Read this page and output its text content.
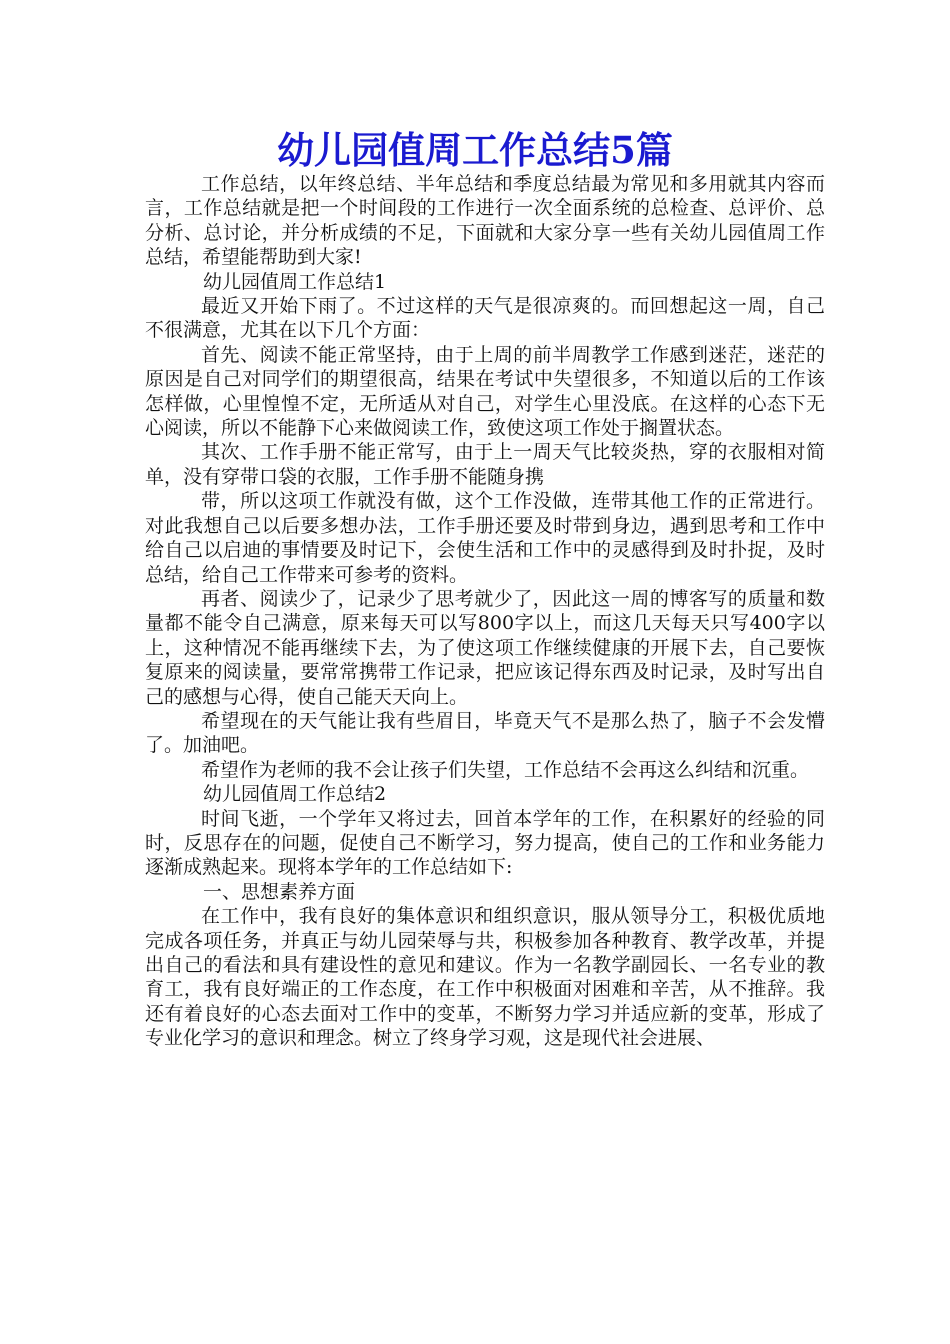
幼儿园值周工作总结5篇

工作总结，以年终总结、半年总结和季度总结最为常见和多用就其内容而言，工作总结就是把一个时间段的工作进行一次全面系统的总检查、总评价、总分析、总讨论，并分析成绩的不足，下面就和大家分享一些有关幼儿园值周工作总结，希望能帮助到大家!

幼儿园值周工作总结1

最近又开始下雨了。不过这样的天气是很凉爽的。而回想起这一周，自己不很满意，尤其在以下几个方面：

首先、阅读不能正常坚持，由于上周的前半周教学工作感到迷茫，迷茫的原因是自己对同学们的期望很高，结果在考试中失望很多，不知道以后的工作该怎样做，心里惶惶不定，无所适从对自己，对学生心里没底。在这样的心态下无心阅读，所以不能静下心来做阅读工作，致使这项工作处于搁置状态。

其次、工作手册不能正常写，由于上一周天气比较炎热，穿的衣服相对简单，没有穿带口袋的衣服，工作手册不能随身携

带，所以这项工作就没有做，这个工作没做，连带其他工作的正常进行。对此我想自己以后要多想办法，工作手册还要及时带到身边，遇到思考和工作中给自己以启迪的事情要及时记下，会使生活和工作中的灵感得到及时扑捉，及时总结，给自己工作带来可参考的资料。

再者、阅读少了，记录少了思考就少了，因此这一周的博客写的质量和数量都不能令自己满意，原来每天可以写800字以上，而这几天每天只写400字以上，这种情况不能再继续下去，为了使这项工作继续健康的开展下去，自己要恢复原来的阅读量，要常常携带工作记录，把应该记得东西及时记录，及时写出自己的感想与心得，使自己能天天向上。

希望现在的天气能让我有些眉目，毕竟天气不是那么热了，脑子不会发懵了。加油吧。

希望作为老师的我不会让孩子们失望，工作总结不会再这么纠结和沉重。

幼儿园值周工作总结2

时间飞逝，一个学年又将过去，回首本学年的工作，在积累好的经验的同时，反思存在的问题，促使自己不断学习，努力提高，使自己的工作和业务能力逐渐成熟起来。现将本学年的工作总结如下:

一、思想素养方面

在工作中，我有良好的集体意识和组织意识，服从领导分工，积极优质地完成各项任务，并真正与幼儿园荣辱与共，积极参加各种教育、教学改革，并提出自己的看法和具有建设性的意见和建议。作为一名教学副园长、一名专业的教育工，我有良好端正的工作态度，在工作中积极面对困难和辛苦，从不推辞。我还有着良好的心态去面对工作中的变革，不断努力学习并适应新的变革，形成了专业化学习的意识和理念。树立了终身学习观，这是现代社会进展、
